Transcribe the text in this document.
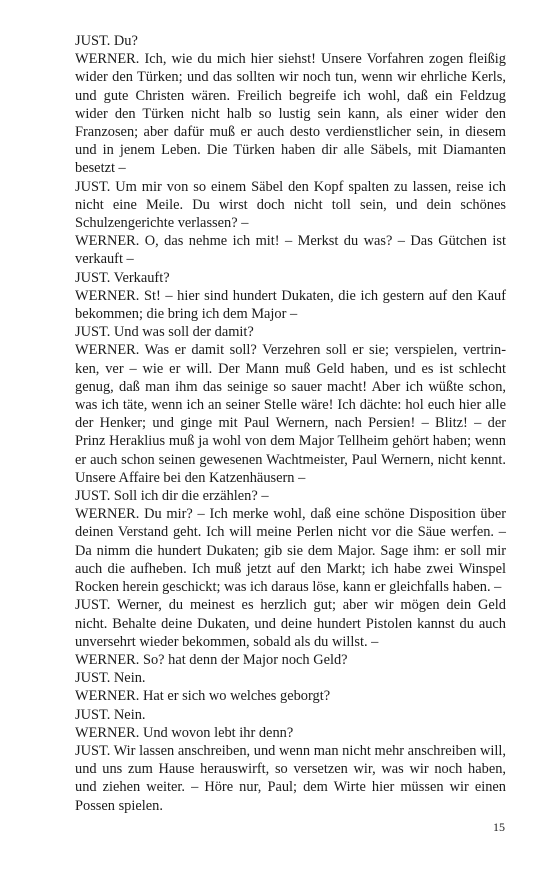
JUST. Du?

WERNER. Ich, wie du mich hier siehst! Unsere Vorfahren zogen fleißig wider den Türken; und das sollten wir noch tun, wenn wir ehrliche Kerls, und gute Christen wären. Freilich begreife ich wohl, daß ein Feldzug wider den Türken nicht halb so lustig sein kann, als einer wider den Franzosen; aber dafür muß er auch desto verdienstlicher sein, in diesem und in jenem Leben. Die Türken haben dir alle Säbels, mit Diamanten besetzt –

JUST. Um mir von so einem Säbel den Kopf spalten zu lassen, reise ich nicht eine Meile. Du wirst doch nicht toll sein, und dein schönes Schulzengerichte verlassen? –

WERNER. O, das nehme ich mit! – Merkst du was? – Das Gütchen ist verkauft –

JUST. Verkauft?

WERNER. St! – hier sind hundert Dukaten, die ich gestern auf den Kauf bekommen; die bring ich dem Major –

JUST. Und was soll der damit?

WERNER. Was er damit soll? Verzehren soll er sie; verspielen, vertrinken, ver – wie er will. Der Mann muß Geld haben, und es ist schlecht genug, daß man ihm das seinige so sauer macht! Aber ich wüßte schon, was ich täte, wenn ich an seiner Stelle wäre! Ich dächte: hol euch hier alle der Henker; und ginge mit Paul Wernern, nach Persien! – Blitz! – der Prinz Heraklius muß ja wohl von dem Major Tellheim gehört haben; wenn er auch schon seinen gewesenen Wachtmeister, Paul Wernern, nicht kennt. Unsere Affaire bei den Katzenhäusern –

JUST. Soll ich dir die erzählen? –

WERNER. Du mir? – Ich merke wohl, daß eine schöne Disposition über deinen Verstand geht. Ich will meine Perlen nicht vor die Säue werfen. – Da nimm die hundert Dukaten; gib sie dem Major. Sage ihm: er soll mir auch die aufheben. Ich muß jetzt auf den Markt; ich habe zwei Winspel Rocken herein geschickt; was ich daraus löse, kann er gleichfalls haben. –

JUST. Werner, du meinest es herzlich gut; aber wir mögen dein Geld nicht. Behalte deine Dukaten, und deine hundert Pistolen kannst du auch unversehrt wieder bekommen, sobald als du willst. –

WERNER. So? hat denn der Major noch Geld?

JUST. Nein.

WERNER. Hat er sich wo welches geborgt?

JUST. Nein.

WERNER. Und wovon lebt ihr denn?

JUST. Wir lassen anschreiben, und wenn man nicht mehr anschreiben will, und uns zum Hause herauswirft, so versetzen wir, was wir noch haben, und ziehen weiter. – Höre nur, Paul; dem Wirte hier müssen wir einen Possen spielen.

15
